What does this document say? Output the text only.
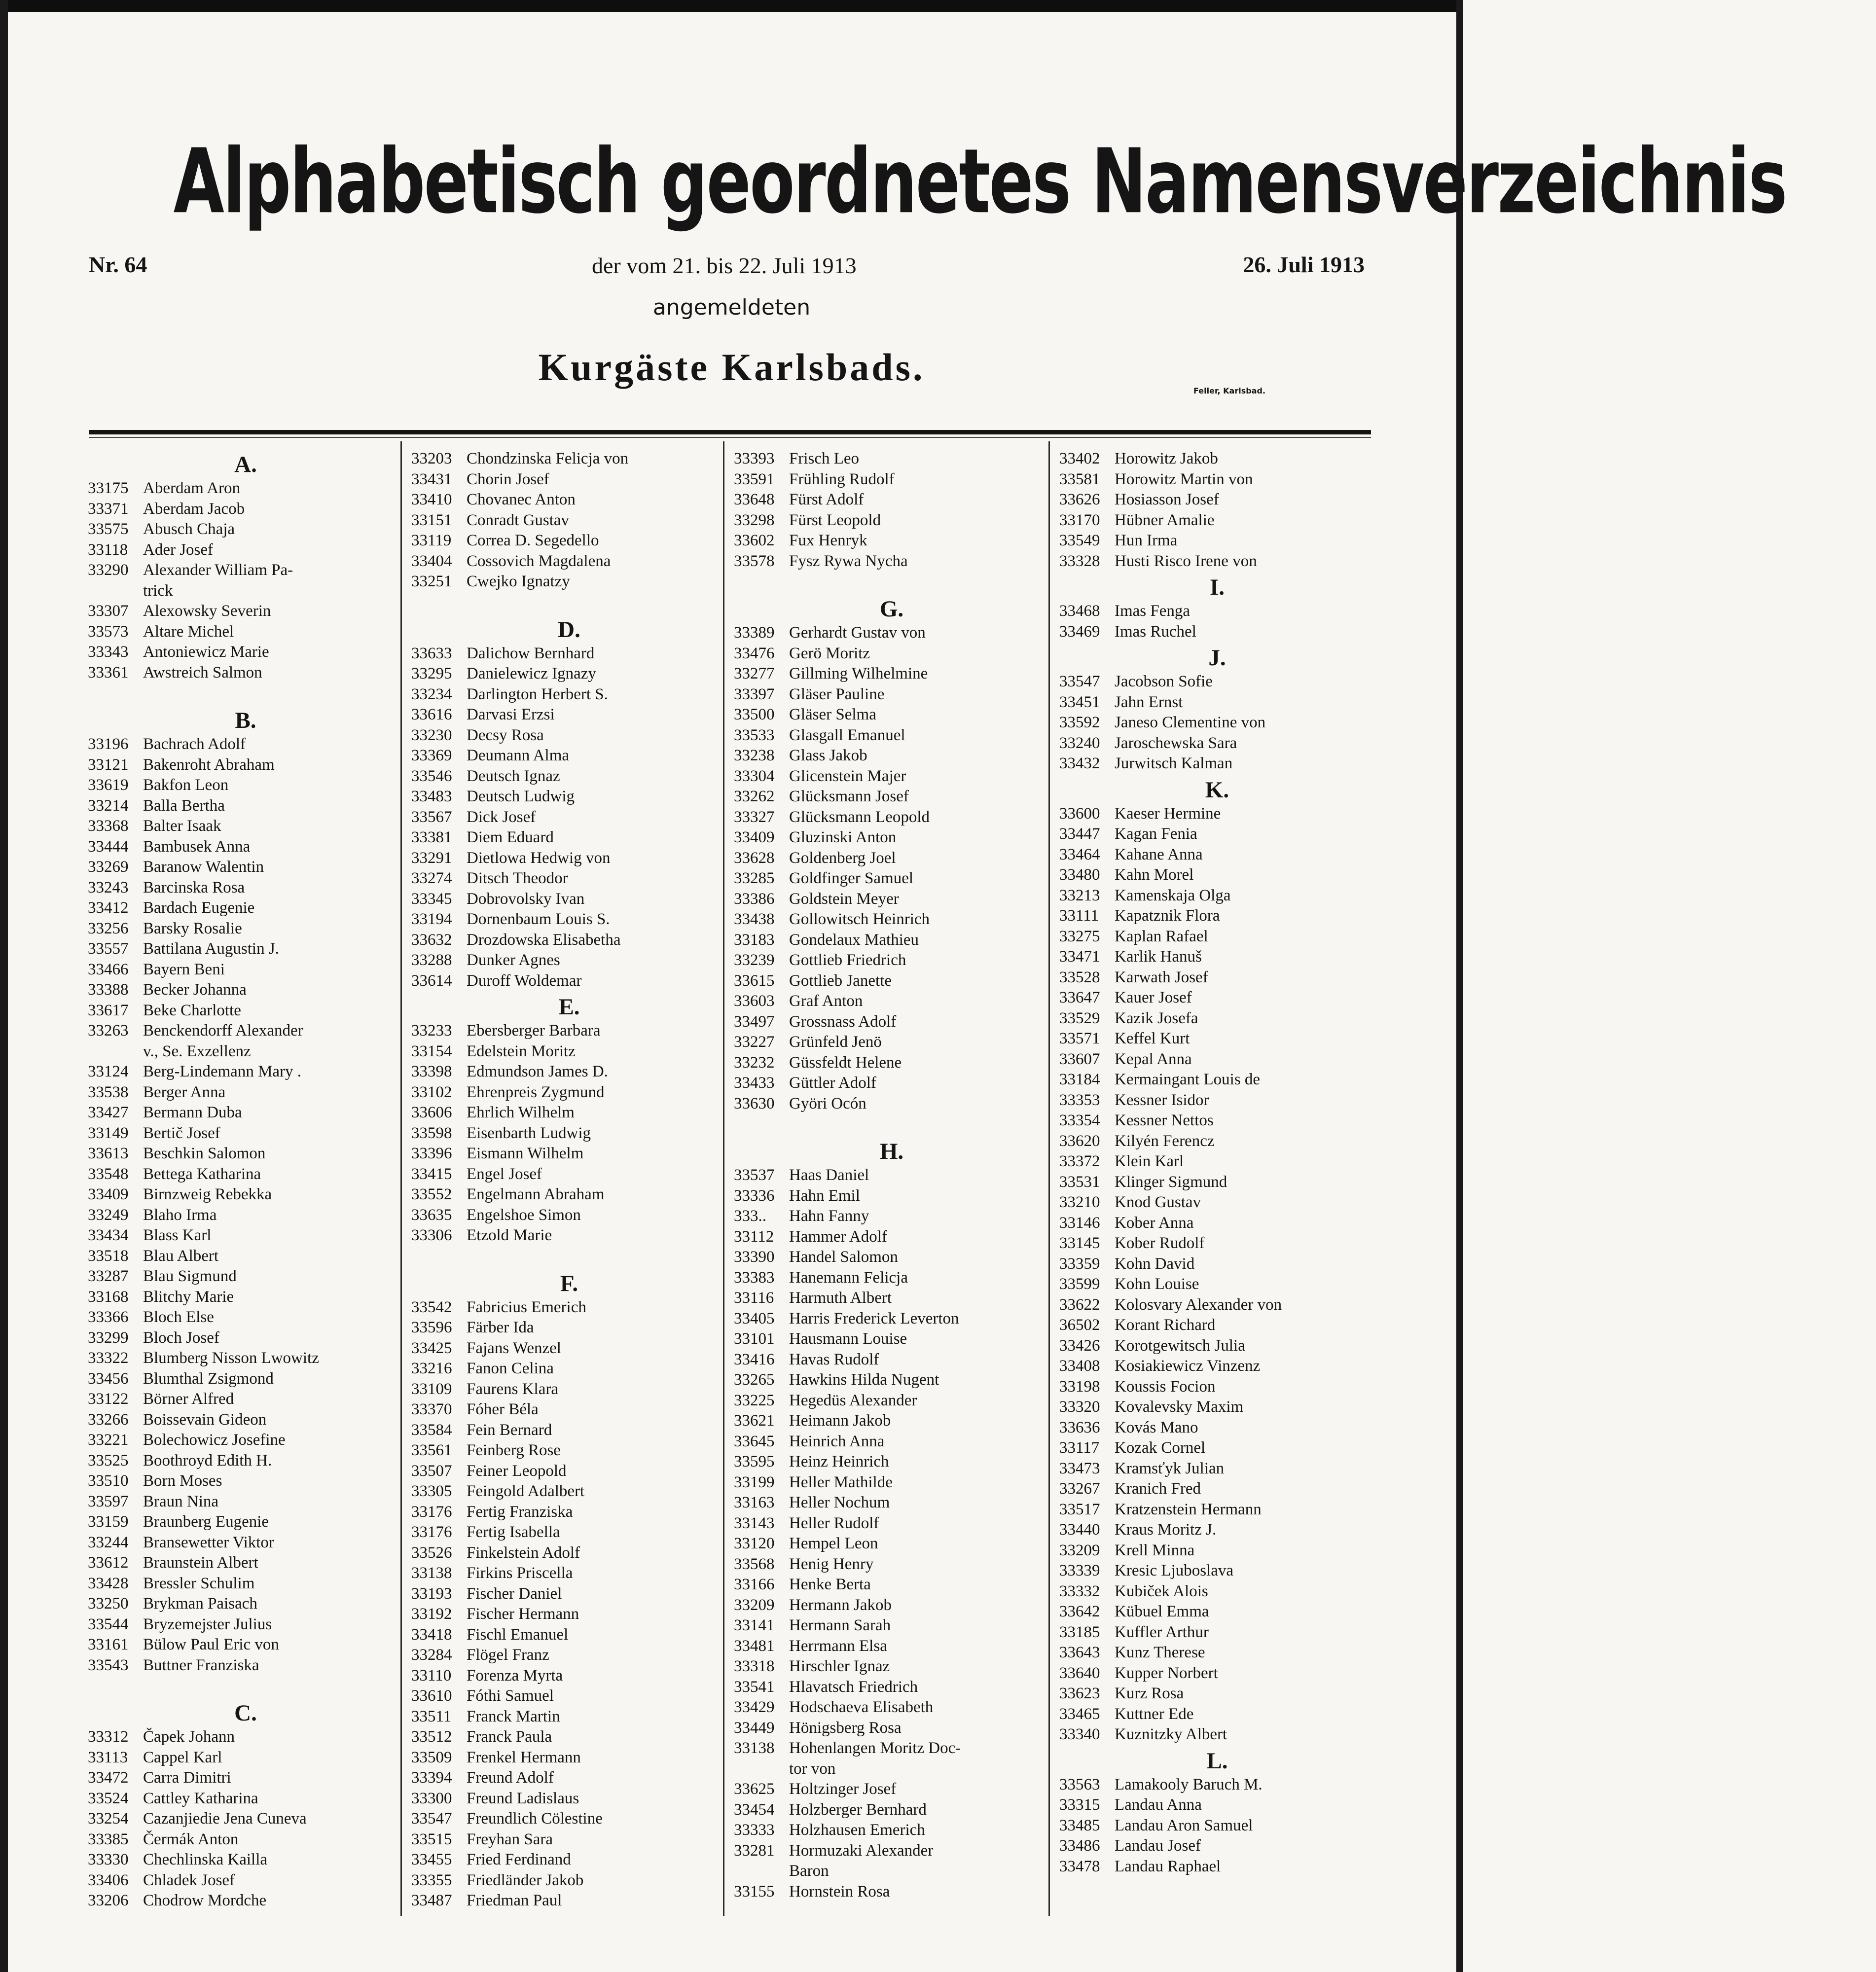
Alphabetisch geordnetes Namensverzeichnis

Nr. 64	der vom 21. bis 22. Juli 1913	26. Juli 1913

angemeldeten

Kurgäste Karlsbads.

Feller, Karlsbad.

A.
33175 Aberdam Aron
33371 Aberdam Jacob
33575 Abusch Chaja
33118 Ader Josef
33290 Alexander William Pa-
trick
33307 Alexowsky Severin
33573 Altare Michel
33343 Antoniewicz Marie
33361 Awstreich Salmon
B.
33196 Bachrach Adolf
33121 Bakenroht Abraham
33619 Bakfon Leon
33214 Balla Bertha
33368 Balter Isaak
33444 Bambusek Anna
33269 Baranow Walentin
33243 Barcinska Rosa
33412 Bardach Eugenie
33256 Barsky Rosalie
33557 Battilana Augustin J.
33466 Bayern Beni
33388 Becker Johanna
33617 Beke Charlotte
33263 Benckendorff Alexander
v., Se. Exzellenz
33124 Berg-Lindemann Mary .
33538 Berger Anna
33427 Bermann Duba
33149 Bertič Josef
33613 Beschkin Salomon
33548 Bettega Katharina
33409 Birnzweig Rebekka
33249 Blaho Irma
33434 Blass Karl
33518 Blau Albert
33287 Blau Sigmund
33168 Blitchy Marie
33366 Bloch Else
33299 Bloch Josef
33322 Blumberg Nisson Lwowitz
33456 Blumthal Zsigmond
33122 Börner Alfred
33266 Boissevain Gideon
33221 Bolechowicz Josefine
33525 Boothroyd Edith H.
33510 Born Moses
33597 Braun Nina
33159 Braunberg Eugenie
33244 Bransewetter Viktor
33612 Braunstein Albert
33428 Bressler Schulim
33250 Brykman Paisach
33544 Bryzemejster Julius
33161 Bülow Paul Eric von
33543 Buttner Franziska
C.
33312 Čapek Johann
33113 Cappel Karl
33472 Carra Dimitri
33524 Cattley Katharina
33254 Cazanjiedie Jena Cuneva
33385 Čermák Anton
33330 Chechlinska Kailla
33406 Chladek Josef
33206 Chodrow Mordche
33203 Chondzinska Felicja von
33431 Chorin Josef
33410 Chovanec Anton
33151 Conradt Gustav
33119 Correa D. Segedello
33404 Cossovich Magdalena
33251 Cwejko Ignatzy
D.
33633 Dalichow Bernhard
33295 Danielewicz Ignazy
33234 Darlington Herbert S.
33616 Darvasi Erzsi
33230 Decsy Rosa
33369 Deumann Alma
33546 Deutsch Ignaz
33483 Deutsch Ludwig
33567 Dick Josef
33381 Diem Eduard
33291 Dietlowa Hedwig von
33274 Ditsch Theodor
33345 Dobrovolsky Ivan
33194 Dornenbaum Louis S.
33632 Drozdowska Elisabetha
33288 Dunker Agnes
33614 Duroff Woldemar
E.
33233 Ebersberger Barbara
33154 Edelstein Moritz
33398 Edmundson James D.
33102 Ehrenpreis Zygmund
33606 Ehrlich Wilhelm
33598 Eisenbarth Ludwig
33396 Eismann Wilhelm
33415 Engel Josef
33552 Engelmann Abraham
33635 Engelshoe Simon
33306 Etzold Marie
F.
33542 Fabricius Emerich
33596 Färber Ida
33425 Fajans Wenzel
33216 Fanon Celina
33109 Faurens Klara
33370 Fóher Béla
33584 Fein Bernard
33561 Feinberg Rose
33507 Feiner Leopold
33305 Feingold Adalbert
33176 Fertig Franziska
33176 Fertig Isabella
33526 Finkelstein Adolf
33138 Firkins Priscella
33193 Fischer Daniel
33192 Fischer Hermann
33418 Fischl Emanuel
33284 Flögel Franz
33110 Forenza Myrta
33610 Fóthi Samuel
33511 Franck Martin
33512 Franck Paula
33509 Frenkel Hermann
33394 Freund Adolf
33300 Freund Ladislaus
33547 Freundlich Cölestine
33515 Freyhan Sara
33455 Fried Ferdinand
33355 Friedländer Jakob
33487 Friedman Paul
33393 Frisch Leo
33591 Frühling Rudolf
33648 Fürst Adolf
33298 Fürst Leopold
33602 Fux Henryk
33578 Fysz Rywa Nycha
G.
33389 Gerhardt Gustav von
33476 Gerö Moritz
33277 Gillming Wilhelmine
33397 Gläser Pauline
33500 Gläser Selma
33533 Glasgall Emanuel
33238 Glass Jakob
33304 Glicenstein Majer
33262 Glücksmann Josef
33327 Glücksmann Leopold
33409 Gluzinski Anton
33628 Goldenberg Joel
33285 Goldfinger Samuel
33386 Goldstein Meyer
33438 Gollowitsch Heinrich
33183 Gondelaux Mathieu
33239 Gottlieb Friedrich
33615 Gottlieb Janette
33603 Graf Anton
33497 Grossnass Adolf
33227 Grünfeld Jenö
33232 Güssfeldt Helene
33433 Güttler Adolf
33630 Györi Ocón
H.
33537 Haas Daniel
33336 Hahn Emil
333..	Hahn Fanny
33112 Hammer Adolf
33390 Handel Salomon
33383 Hanemann Felicja
33116 Harmuth Albert
33405 Harris Frederick Leverton
33101 Hausmann Louise
33416 Havas Rudolf
33265 Hawkins Hilda Nugent
33225 Hegedüs Alexander
33621 Heimann Jakob
33645 Heinrich Anna
33595 Heinz Heinrich
33199 Heller Mathilde
33163 Heller Nochum
33143 Heller Rudolf
33120 Hempel Leon
33568 Henig Henry
33166 Henke Berta
33209 Hermann Jakob
33141 Hermann Sarah
33481 Herrmann Elsa
33318 Hirschler Ignaz
33541 Hlavatsch Friedrich
33429 Hodschaeva Elisabeth
33449 Hönigsberg Rosa
33138 Hohenlangen Moritz Doc-
tor von
33625 Holtzinger Josef
33454 Holzberger Bernhard
33333 Holzhausen Emerich
33281 Hormuzaki Alexander
Baron
33155 Hornstein Rosa
33402 Horowitz Jakob
33581 Horowitz Martin von
33626 Hosiasson Josef
33170 Hübner Amalie
33549 Hun Irma
33328 Husti Risco Irene von
I.
33468 Imas Fenga
33469 Imas Ruchel
J.
33547 Jacobson Sofie
33451 Jahn Ernst
33592 Janeso Clementine von
33240 Jaroschewska Sara
33432 Jurwitsch Kalman
K.
33600 Kaeser Hermine
33447 Kagan Fenia
33464 Kahane Anna
33480 Kahn Morel
33213 Kamenskaja Olga
33111 Kapatznik Flora
33275 Kaplan Rafael
33471 Karlik Hanuš
33528 Karwath Josef
33647 Kauer Josef
33529 Kazik Josefa
33571 Keffel Kurt
33607 Kepal Anna
33184 Kermaingant Louis de
33353 Kessner Isidor
33354 Kessner Nettos
33620 Kilyén Ferencz
33372 Klein Karl
33531 Klinger Sigmund
33210 Knod Gustav
33146 Kober Anna
33145 Kober Rudolf
33359 Kohn David
33599 Kohn Louise
33622 Kolosvary Alexander von
36502 Korant Richard
33426 Korotgewitsch Julia
33408 Kosiakiewicz Vinzenz
33198 Koussis Focion
33320 Kovalevsky Maxim
33636 Kovás Mano
33117 Kozak Cornel
33473 Kramsťyk Julian
33267 Kranich Fred
33517 Kratzenstein Hermann
33440 Kraus Moritz J.
33209 Krell Minna
33339 Kresic Ljuboslava
33332 Kubiček Alois
33642 Kübuel Emma
33185 Kuffler Arthur
33643 Kunz Therese
33640 Kupper Norbert
33623 Kurz Rosa
33465 Kuttner Ede
33340 Kuznitzky Albert
L.
33563 Lamakooly Baruch M.
33315 Landau Anna
33485 Landau Aron Samuel
33486 Landau Josef
33478 Landau Raphael
